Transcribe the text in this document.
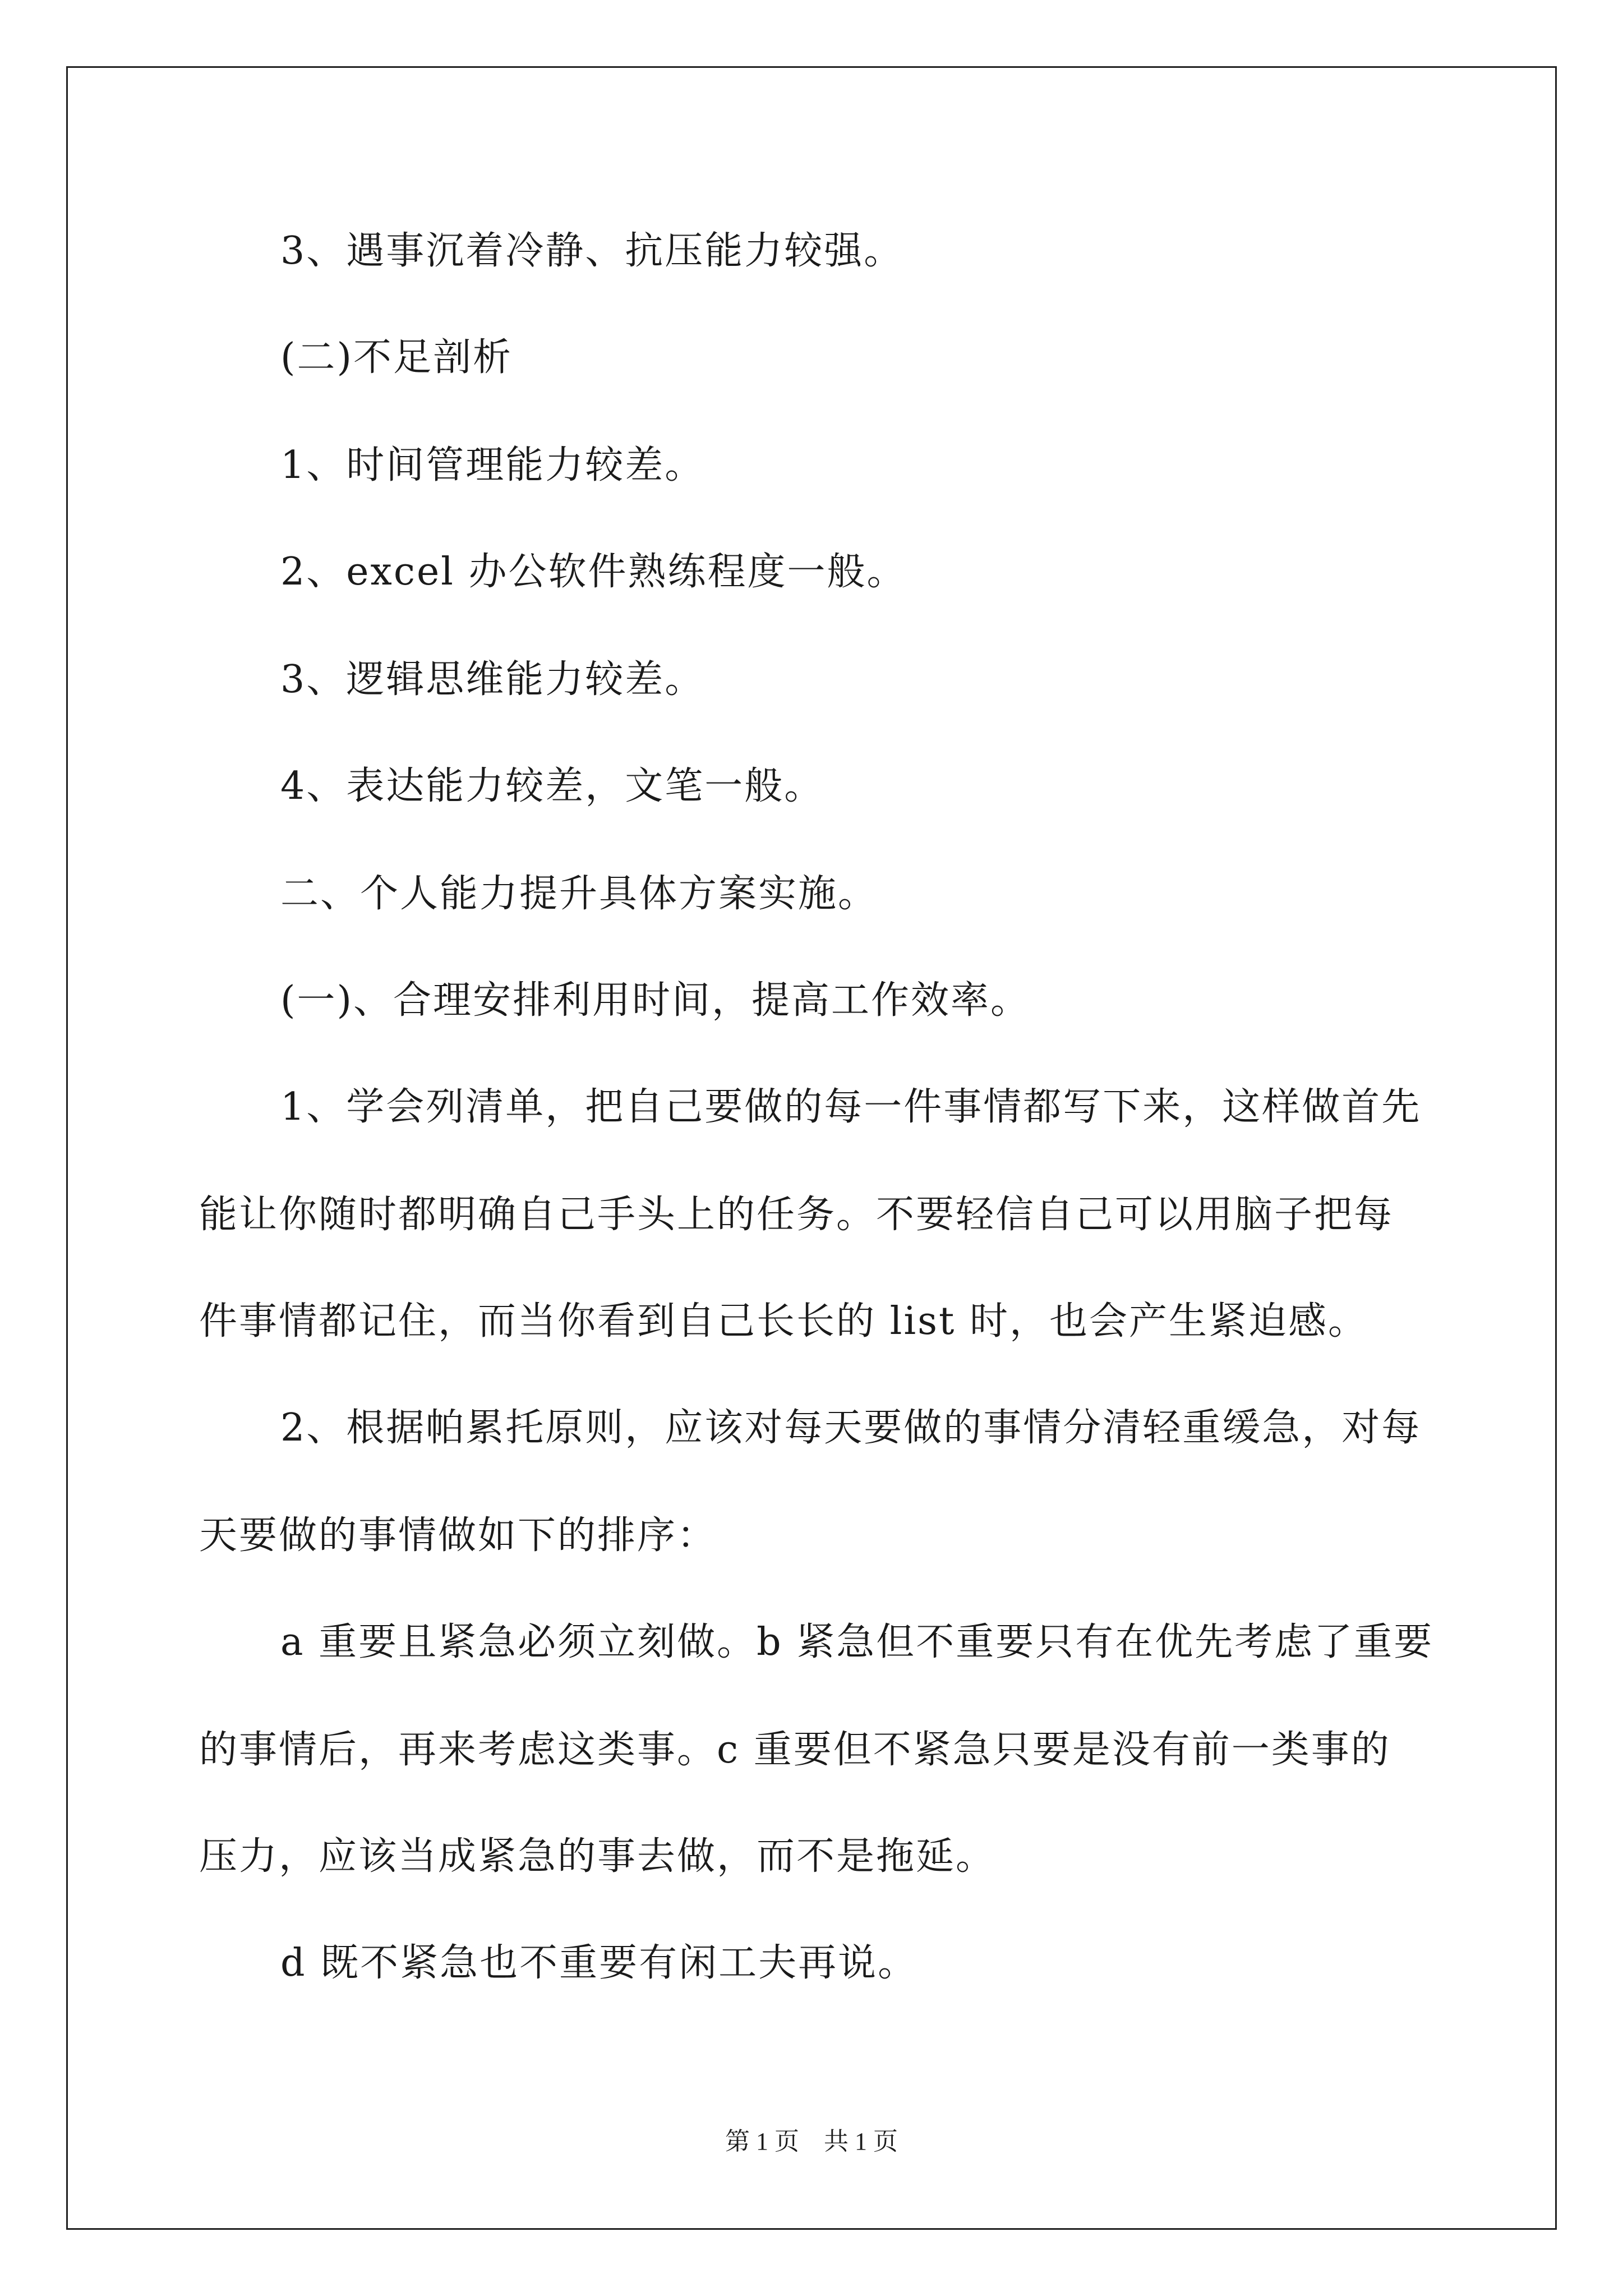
3、遇事沉着冷静、抗压能力较强。
(二)不足剖析
1、时间管理能力较差。
2、excel 办公软件熟练程度一般。
3、逻辑思维能力较差。
4、表达能力较差，文笔一般。
二、个人能力提升具体方案实施。
(一)、合理安排利用时间，提高工作效率。
1、学会列清单，把自己要做的每一件事情都写下来，这样做首先
能让你随时都明确自己手头上的任务。不要轻信自己可以用脑子把每
件事情都记住，而当你看到自己长长的 list 时，也会产生紧迫感。
2、根据帕累托原则，应该对每天要做的事情分清轻重缓急，对每
天要做的事情做如下的排序：
a 重要且紧急必须立刻做。b 紧急但不重要只有在优先考虑了重要
的事情后，再来考虑这类事。c 重要但不紧急只要是没有前一类事的
压力，应该当成紧急的事去做，而不是拖延。
d 既不紧急也不重要有闲工夫再说。
第 1 页　共 1 页
